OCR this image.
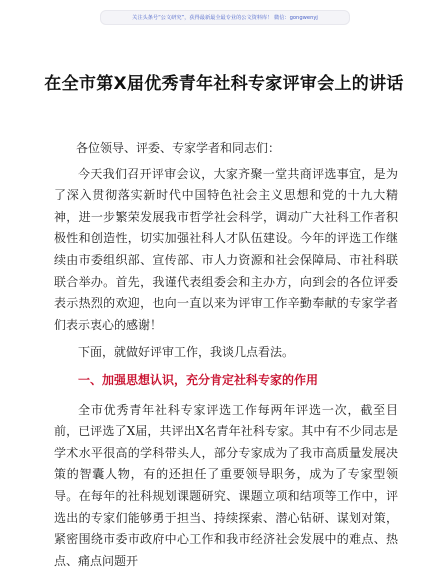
关注头条号“公文研究”，获得最新最全最专业的公文资料库！ 微信：gongwenyj
在全市第X届优秀青年社科专家评审会上的讲话

各位领导、评委、专家学者和同志们：

今天我们召开评审会议，大家齐聚一堂共商评选事宜，是为了深入贯彻落实新时代中国特色社会主义思想和党的十九大精神，进一步繁荣发展我市哲学社会科学，调动广大社科工作者积极性和创造性，切实加强社科人才队伍建设。今年的评选工作继续由市委组织部、宣传部、市人力资源和社会保障局、市社科联联合举办。首先，我谨代表组委会和主办方，向到会的各位评委表示热烈的欢迎，也向一直以来为评审工作辛勤奉献的专家学者们表示衷心的感谢！

下面，就做好评审工作，我谈几点看法。

一、加强思想认识，充分肯定社科专家的作用

全市优秀青年社科专家评选工作每两年评选一次，截至目前，已评选了X届，共评出X名青年社科专家。其中有不少同志是学术水平很高的学科带头人，部分专家成为了我市高质量发展决策的智囊人物，有的还担任了重要领导职务，成为了专家型领导。在每年的社科规划课题研究、课题立项和结项等工作中，评选出的专家们能够勇于担当、持续探索、潜心钻研、谋划对策，紧密围绕市委市政府中心工作和我市经济社会发展中的难点、热点、痛点问题开
